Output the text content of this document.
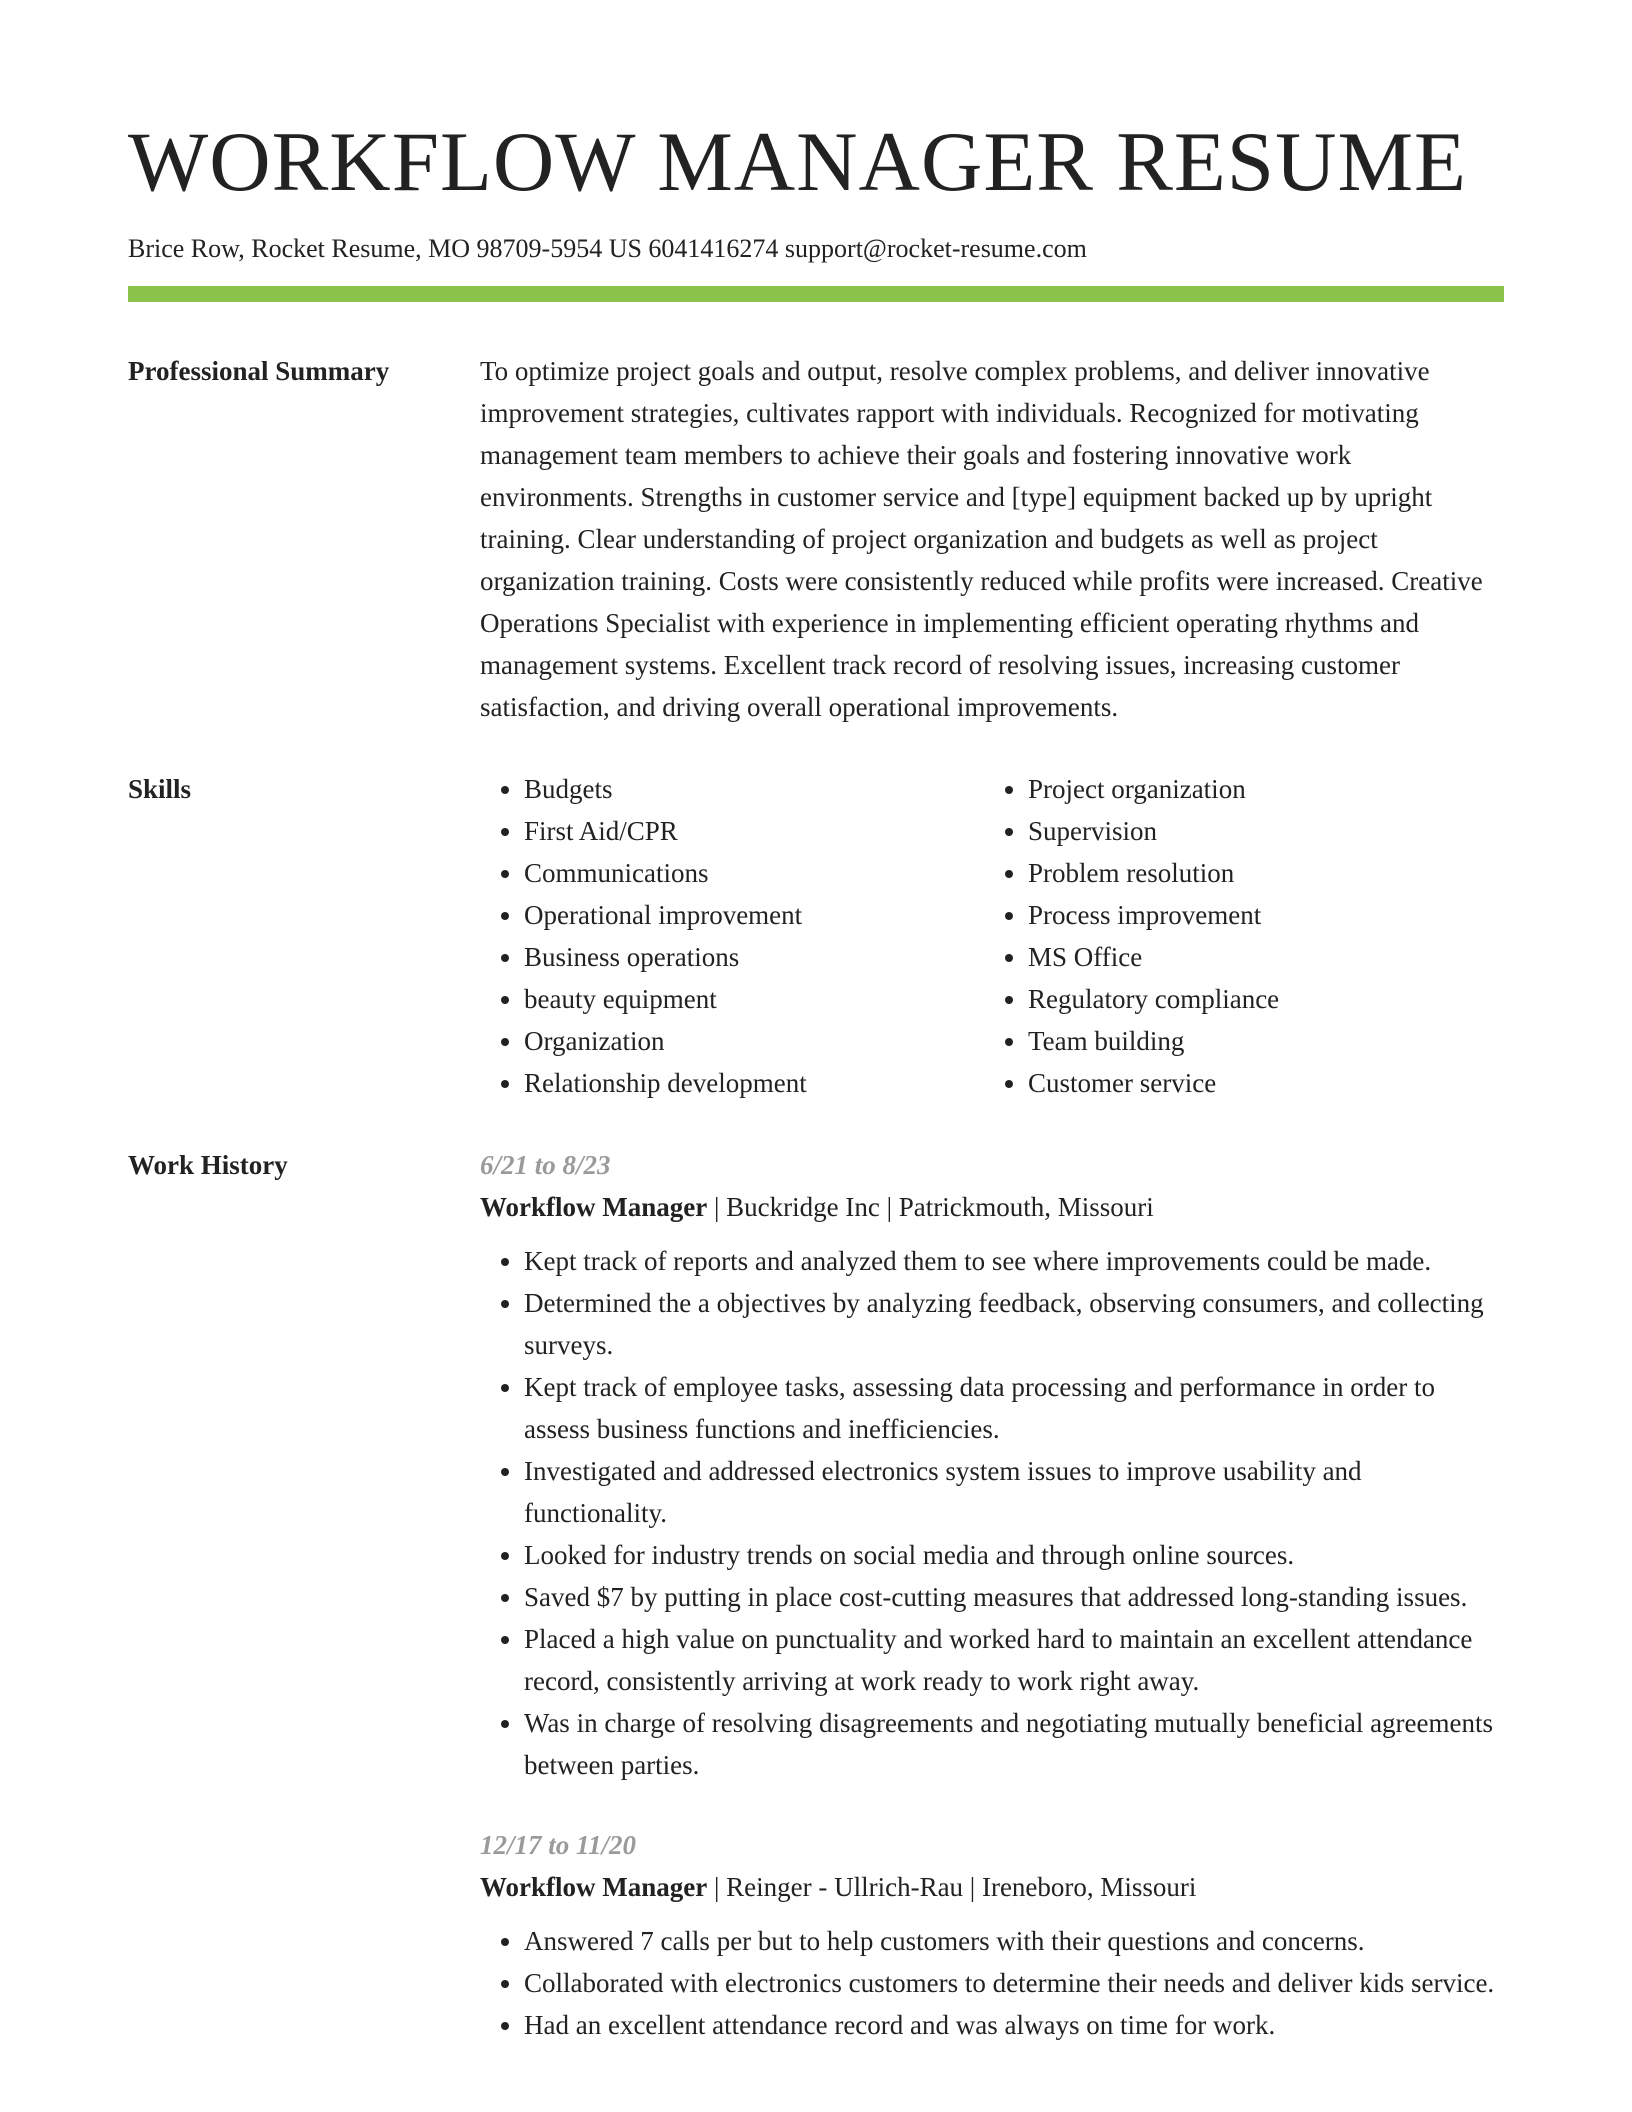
WORKFLOW MANAGER RESUME
Brice Row, Rocket Resume, MO 98709-5954 US 6041416274 support@rocket-resume.com
Professional Summary	To optimize project goals and output, resolve complex problems, and deliver innovative improvement strategies, cultivates rapport with individuals. Recognized for motivating management team members to achieve their goals and fostering innovative work environments. Strengths in customer service and [type] equipment backed up by upright training. Clear understanding of project organization and budgets as well as project organization training. Costs were consistently reduced while profits were increased. Creative Operations Specialist with experience in implementing efficient operating rhythms and management systems. Excellent track record of resolving issues, increasing customer satisfaction, and driving overall operational improvements.

Skills
•	Budgets
• First Aid/CPR
• Communications
• Operational improvement
• Business operations
• beauty equipment
• Organization
• Relationship development
• Project organization
• Supervision
• Problem resolution
• Process improvement
• MS Office
• Regulatory compliance
• Team building
• Customer service
Work History	6/21 to 8/23
Workflow Manager | Buckridge Inc | Patrickmouth, Missouri
• Kept track of reports and analyzed them to see where improvements could be made.
• Determined the a objectives by analyzing feedback, observing consumers, and collecting surveys.
• Kept track of employee tasks, assessing data processing and performance in order to assess business functions and inefficiencies.
• Investigated and addressed electronics system issues to improve usability and functionality.
• Looked for industry trends on social media and through online sources.
• Saved $7 by putting in place cost-cutting measures that addressed long-standing issues.
• Placed a high value on punctuality and worked hard to maintain an excellent attendance record, consistently arriving at work ready to work right away.
• Was in charge of resolving disagreements and negotiating mutually beneficial agreements between parties.
12/17 to 11/20
Workflow Manager | Reinger - Ullrich-Rau | Ireneboro, Missouri
• Answered 7 calls per but to help customers with their questions and concerns.
• Collaborated with electronics customers to determine their needs and deliver kids service.
• Had an excellent attendance record and was always on time for work.
